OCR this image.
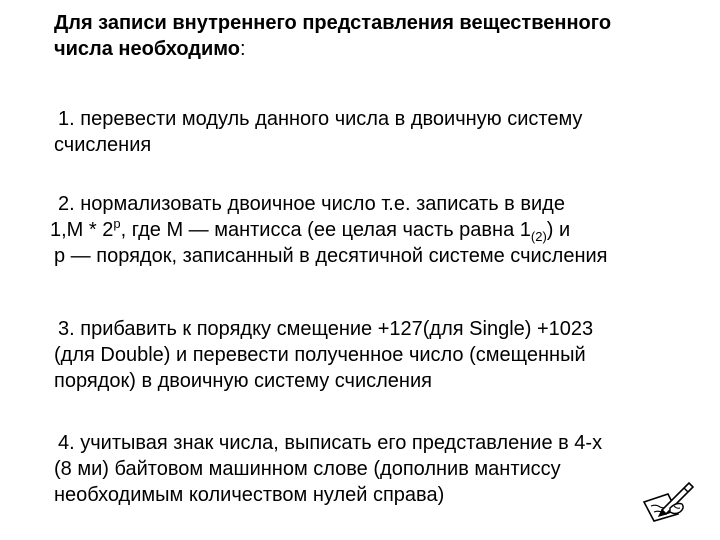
Для записи внутреннего представления вещественного
числа необходимо:
1. перевести модуль данного числа в двоичную систему
счисления
2. нормализовать двоичное число т.е. записать в виде
1,M * 2$^p$, где M — мантисса (ее целая часть равна $1_{(2)}$) и
p — порядок, записанный в десятичной системе счисления
3. прибавить к порядку смещение +127(для Single) +1023
(для Double) и перевести полученное число (смещенный
порядок) в двоичную систему счисления
4. учитывая знак числа, выписать его представление в 4-х
(8 ми) байтовом машинном слове (дополнив мантиссу
необходимым количеством нулей справа)
